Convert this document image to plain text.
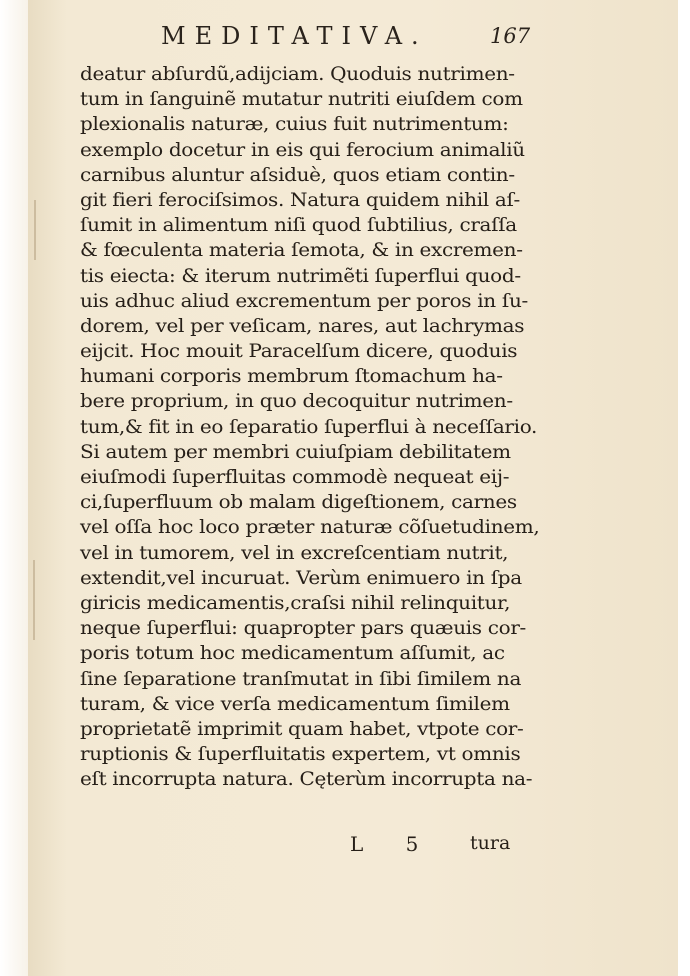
MEDITATIVA.	167
deatur abſurdũ,adijciam. Quoduis nutrimen-
tum in ſanguinẽ mutatur nutriti eiuſdem com
plexionalis naturæ, cuius fuit nutrimentum:
exemplo docetur in eis qui ferocium animaliũ
carnibus aluntur aſsiduè, quos etiam contin-
git fieri ferociſsimos. Natura quidem nihil aſ-
ſumit in alimentum niſi quod ſubtilius, craſſa
& fœculenta materia ſemota, & in excremen-
tis eiecta: & iterum nutrimẽti ſuperflui quod-
uis adhuc aliud excrementum per poros in ſu-
dorem, vel per veſicam, nares, aut lachrymas
eijcit. Hoc mouit Paracelſum dicere, quoduis
humani corporis membrum ſtomachum ha-
bere proprium, in quo decoquitur nutrimen-
tum,& fit in eo ſeparatio ſuperflui à neceſſario.
Si autem per membri cuiuſpiam debilitatem
eiuſmodi ſuperfluitas commodè nequeat eij-
ci,ſuperfluum ob malam digeſtionem, carnes
vel oſſa hoc loco præter naturæ cõſuetudinem,
vel in tumorem, vel in excreſcentiam nutrit,
extendit,vel incuruat. Verùm enimuero in ſpa
giricis medicamentis,craſsi nihil relinquitur,
neque ſuperflui: quapropter pars quæuis cor-
poris totum hoc medicamentum aſſumit, ac
ſine ſeparatione tranſmutat in ſibi ſimilem na
turam, & vice verſa medicamentum ſimilem
proprietatẽ imprimit quam habet, vtpote cor-
ruptionis & ſuperfluitatis expertem, vt omnis
eſt incorrupta natura. Cęterùm incorrupta na-
L 5 tura
